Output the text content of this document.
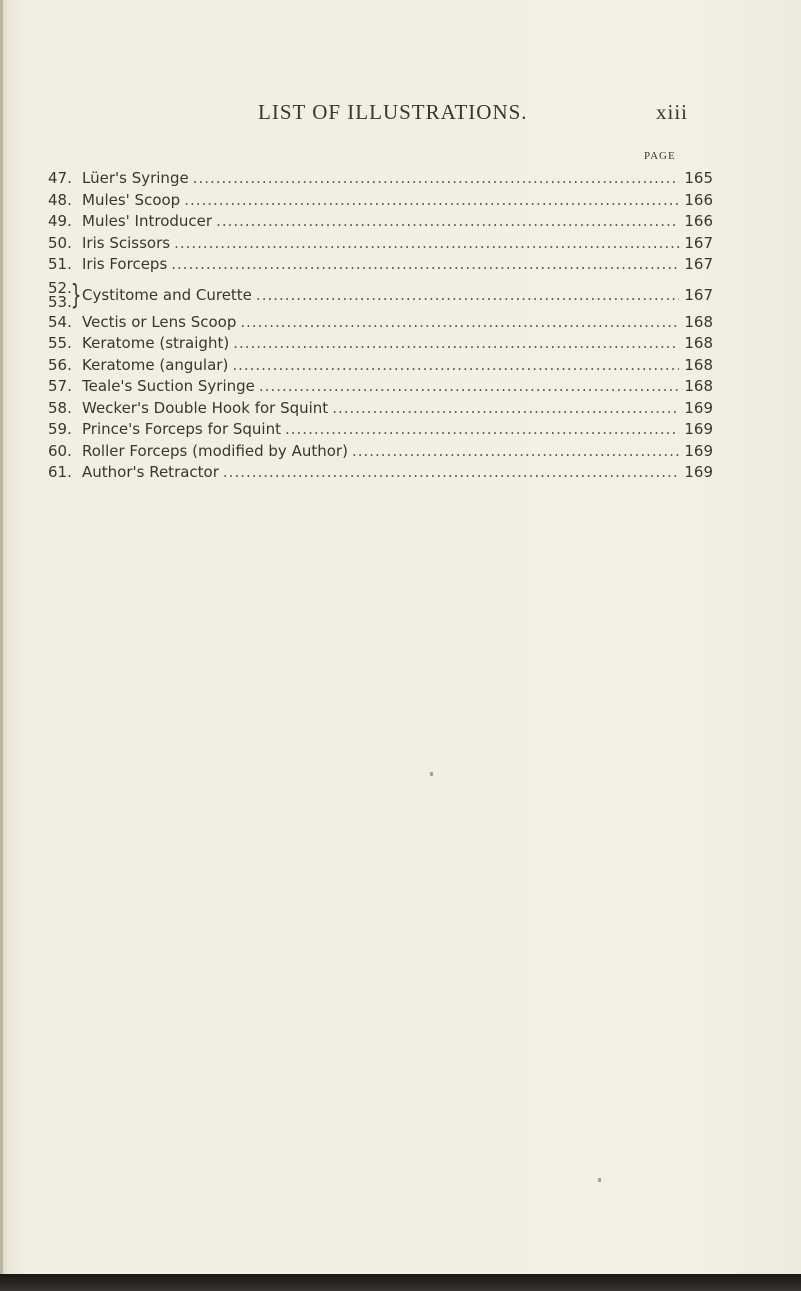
LIST OF ILLUSTRATIONS.	xiii
PAGE
47. Lüer's Syringe .....	165
48. Mules' Scoop .....	166
49. Mules' Introducer .....	166
50. Iris Scissors .....	167
51. Iris Forceps .....	167
52.
53.
} Cystitome and Curette .....	167
54. Vectis or Lens Scoop .....	168
55. Keratome (straight) .....	168
56. Keratome (angular) .....	168
57. Teale's Suction Syringe .....	168
58. Wecker's Double Hook for Squint .....	169
59. Prince's Forceps for Squint .....	169
60. Roller Forceps (modified by Author) .....	169
61. Author's Retractor .....	169
